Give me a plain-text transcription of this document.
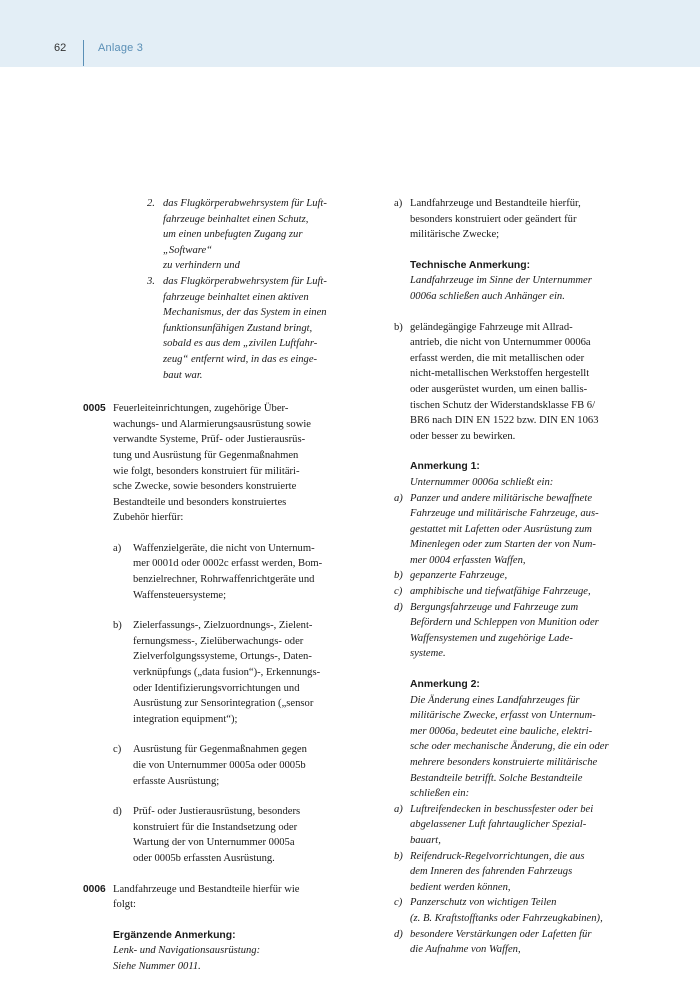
62	Anlage 3
2. das Flugkörperabwehrsystem für Luft-
fahrzeuge beinhaltet einen Schutz,
um einen unbefugten Zugang zur „Software“
zu verhindern und
3. das Flugkörperabwehrsystem für Luft-
fahrzeuge beinhaltet einen aktiven
Mechanismus, der das System in einen
funktionsunfähigen Zustand bringt,
sobald es aus dem „zivilen Luftfahr-
zeug“ entfernt wird, in das es einge-
baut war.
0005 Feuerleiteinrichtungen, zugehörige Über-
wachungs- und Alarmierungsausrüstung sowie
verwandte Systeme, Prüf- oder Justierausrüs-
tung und Ausrüstung für Gegenmaßnahmen
wie folgt, besonders konstruiert für militäri-
sche Zwecke, sowie besonders konstruierte
Bestandteile und besonders konstruiertes
Zubehör hierfür:
a) Waffenzielgeräte, die nicht von Unternum-
mer 0001d oder 0002c erfasst werden, Bom-
benzielrechner, Rohrwaffenrichtgeräte und
Waffensteuersysteme;
b) Zielerfassungs-, Zielzuordnungs-, Zielent-
fernungsmess-, Zielüberwachungs- oder
Zielverfolgungssysteme, Ortungs-, Daten-
verknüpfungs („data fusion“)-, Erkennungs-
oder Identifizierungsvorrichtungen und
Ausrüstung zur Sensorintegration („sensor
integration equipment“);
c) Ausrüstung für Gegenmaßnahmen gegen
die von Unternummer 0005a oder 0005b
erfasste Ausrüstung;
d) Prüf- oder Justierausrüstung, besonders
konstruiert für die Instandsetzung oder
Wartung der von Unternummer 0005a
oder 0005b erfassten Ausrüstung.
0006 Landfahrzeuge und Bestandteile hierfür wie
folgt:
Ergänzende Anmerkung:
Lenk- und Navigationsausrüstung:
Siehe Nummer 0011.
a) Landfahrzeuge und Bestandteile hierfür,
besonders konstruiert oder geändert für
militärische Zwecke;
Technische Anmerkung:
Landfahrzeuge im Sinne der Unternummer
0006a schließen auch Anhänger ein.
b) geländegängige Fahrzeuge mit Allrad-
antrieb, die nicht von Unternummer 0006a
erfasst werden, die mit metallischen oder
nicht-metallischen Werkstoffen hergestellt
oder ausgerüstet wurden, um einen ballis-
tischen Schutz der Widerstandsklasse FB 6/
BR6 nach DIN EN 1522 bzw. DIN EN 1063
oder besser zu bewirken.
Anmerkung 1:
Unternummer 0006a schließt ein:
a) Panzer und andere militärische bewaffnete
Fahrzeuge und militärische Fahrzeuge, aus-
gestattet mit Lafetten oder Ausrüstung zum
Minenlegen oder zum Starten der von Num-
mer 0004 erfassten Waffen,
b) gepanzerte Fahrzeuge,
c) amphibische und tiefwatfähige Fahrzeuge,
d) Bergungsfahrzeuge und Fahrzeuge zum
Befördern und Schleppen von Munition oder
Waffensystemen und zugehörige Lade-
systeme.
Anmerkung 2:
Die Änderung eines Landfahrzeuges für
militärische Zwecke, erfasst von Unternum-
mer 0006a, bedeutet eine bauliche, elektri-
sche oder mechanische Änderung, die ein oder
mehrere besonders konstruierte militärische
Bestandteile betrifft. Solche Bestandteile
schließen ein:
a) Luftreifendecken in beschussfester oder bei
abgelassener Luft fahrtauglicher Spezial-
bauart,
b) Reifendruck-Regelvorrichtungen, die aus
dem Inneren des fahrenden Fahrzeugs
bedient werden können,
c) Panzerschutz von wichtigen Teilen
(z. B. Kraftstofftanks oder Fahrzeugkabinen),
d) besondere Verstärkungen oder Lafetten für
die Aufnahme von Waffen,
